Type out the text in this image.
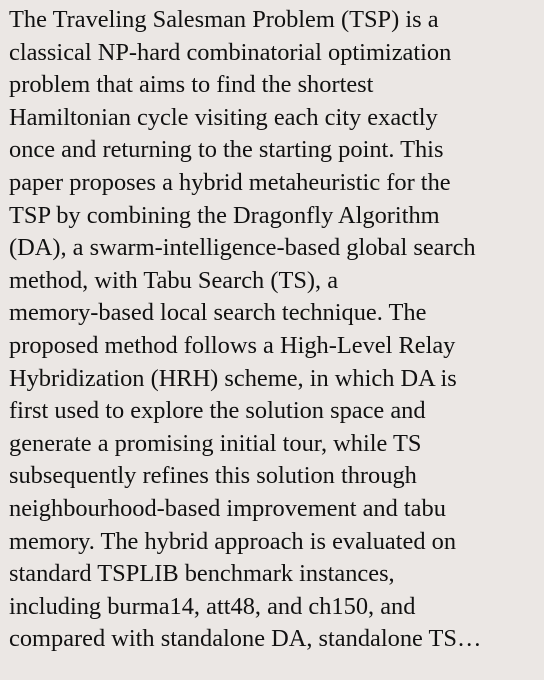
The Traveling Salesman Problem (TSP) is a
classical NP-hard combinatorial optimization
problem that aims to find the shortest
Hamiltonian cycle visiting each city exactly
once and returning to the starting point. This
paper proposes a hybrid metaheuristic for the
TSP by combining the Dragonfly Algorithm
(DA), a swarm-intelligence-based global search
method, with Tabu Search (TS), a
memory-based local search technique. The
proposed method follows a High-Level Relay
Hybridization (HRH) scheme, in which DA is
first used to explore the solution space and
generate a promising initial tour, while TS
subsequently refines this solution through
neighbourhood-based improvement and tabu
memory. The hybrid approach is evaluated on
standard TSPLIB benchmark instances,
including burma14, att48, and ch150, and
compared with standalone DA, standalone TS…
